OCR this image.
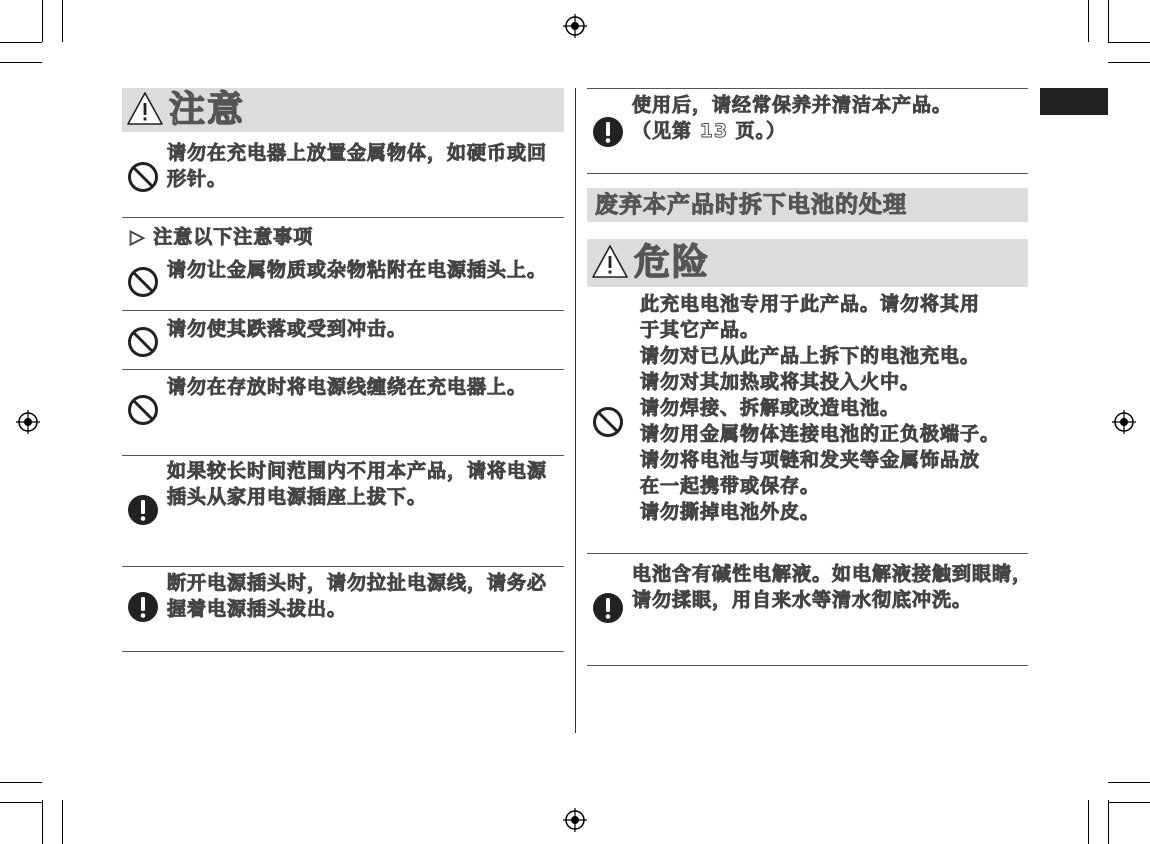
注意
请勿在充电器上放置金属物体，如硬币或回形针。
▷ 注意以下注意事项
请勿让金属物质或杂物粘附在电源插头上。
请勿使其跌落或受到冲击。
请勿在存放时将电源线缠绕在充电器上。
如果较长时间范围内不用本产品，请将电源插头从家用电源插座上拔下。
断开电源插头时，请勿拉扯电源线，请务必握着电源插头拔出。
使用后，请经常保养并清洁本产品。
（见第 13 页。）
废弃本产品时拆下电池的处理
危险
此充电电池专用于此产品。请勿将其用
于其它产品。
请勿对已从此产品上拆下的电池充电。
请勿对其加热或将其投入火中。
请勿焊接、拆解或改造电池。
请勿用金属物体连接电池的正负极端子。
请勿将电池与项链和发夹等金属饰品放
在一起携带或保存。
请勿撕掉电池外皮。
电池含有碱性电解液。如电解液接触到眼睛，请勿揉眼，用自来水等清水彻底冲洗。
